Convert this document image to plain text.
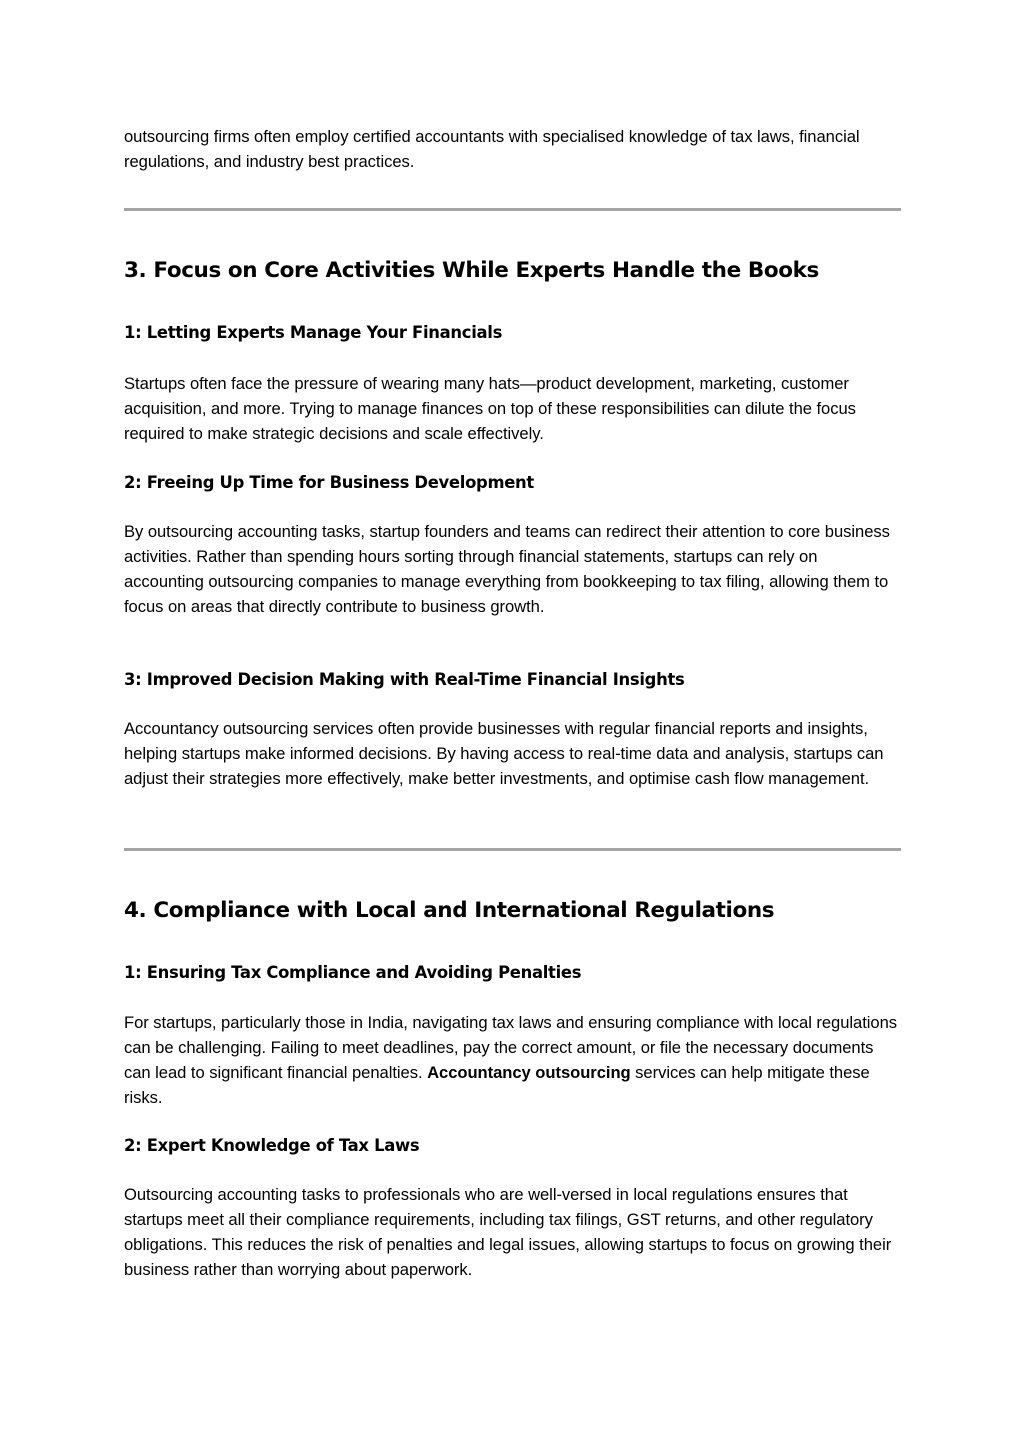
outsourcing firms often employ certified accountants with specialised knowledge of tax laws, financial regulations, and industry best practices.

3. Focus on Core Activities While Experts Handle the Books
1: Letting Experts Manage Your Financials

Startups often face the pressure of wearing many hats—product development, marketing, customer acquisition, and more. Trying to manage finances on top of these responsibilities can dilute the focus required to make strategic decisions and scale effectively.

2: Freeing Up Time for Business Development

By outsourcing accounting tasks, startup founders and teams can redirect their attention to core business activities. Rather than spending hours sorting through financial statements, startups can rely on accounting outsourcing companies to manage everything from bookkeeping to tax filing, allowing them to focus on areas that directly contribute to business growth.

3: Improved Decision Making with Real-Time Financial Insights

Accountancy outsourcing services often provide businesses with regular financial reports and insights, helping startups make informed decisions. By having access to real-time data and analysis, startups can adjust their strategies more effectively, make better investments, and optimise cash flow management.

4. Compliance with Local and International Regulations
1: Ensuring Tax Compliance and Avoiding Penalties

For startups, particularly those in India, navigating tax laws and ensuring compliance with local regulations can be challenging. Failing to meet deadlines, pay the correct amount, or file the necessary documents can lead to significant financial penalties. Accountancy outsourcing services can help mitigate these risks.

2: Expert Knowledge of Tax Laws

Outsourcing accounting tasks to professionals who are well-versed in local regulations ensures that startups meet all their compliance requirements, including tax filings, GST returns, and other regulatory obligations. This reduces the risk of penalties and legal issues, allowing startups to focus on growing their business rather than worrying about paperwork.
